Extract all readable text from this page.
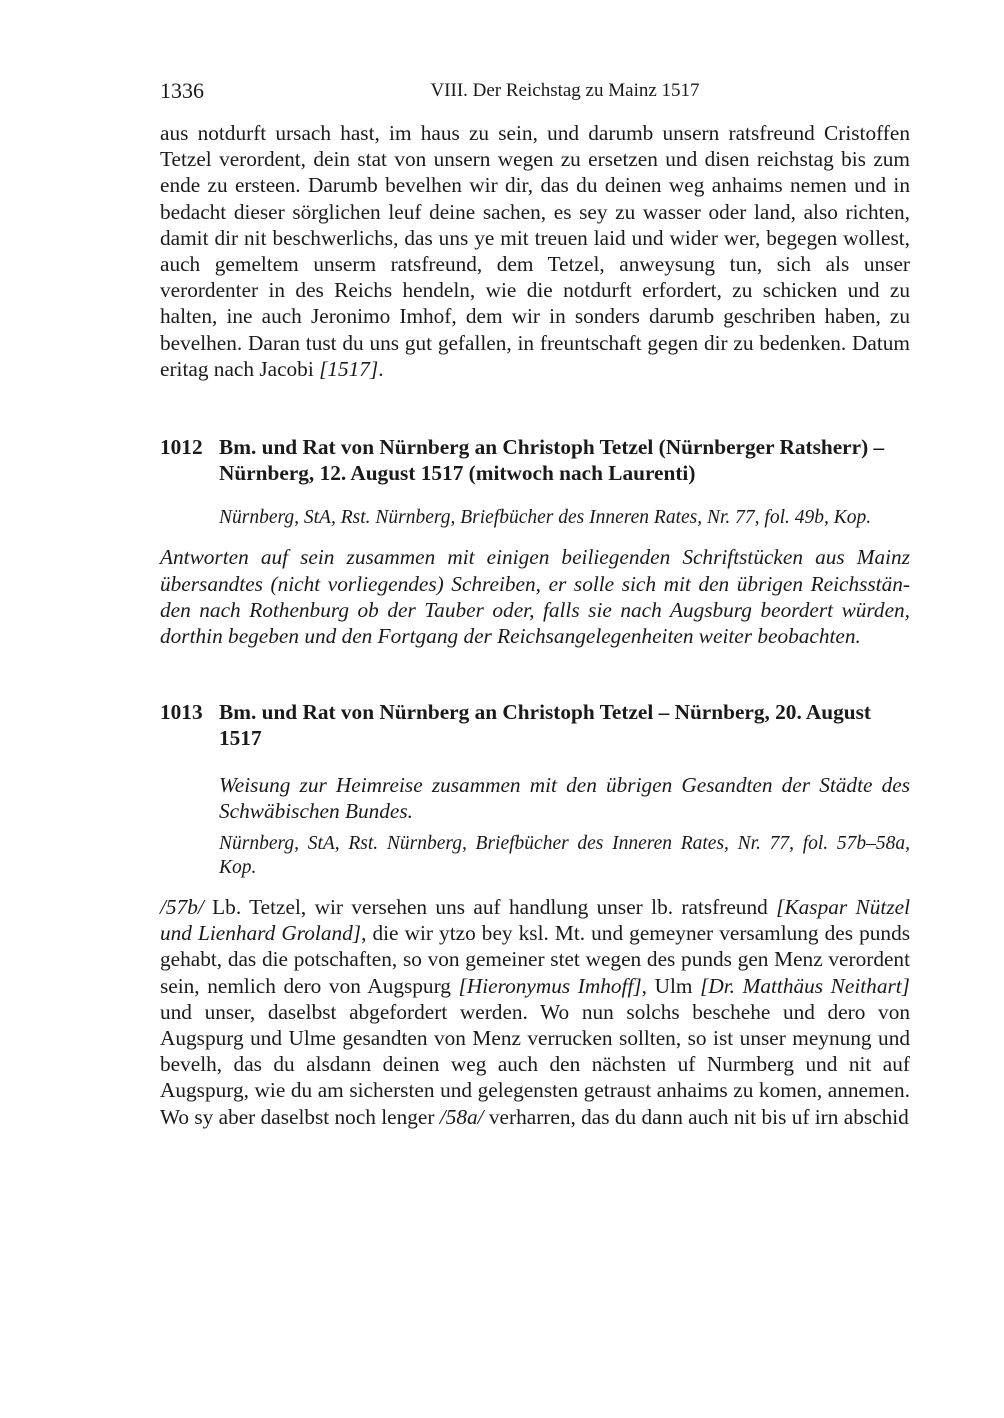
1336	VIII. Der Reichstag zu Mainz 1517

aus notdurft ursach hast, im haus zu sein, und darumb unsern ratsfreund Cristoffen Tetzel verordent, dein stat von unsern wegen zu ersetzen und disen reichstag bis zum ende zu ersteen. Darumb bevelhen wir dir, das du deinen weg anhaims nemen und in bedacht dieser sörglichen leuf deine sachen, es sey zu wasser oder land, also richten, damit dir nit beschwerlichs, das uns ye mit treuen laid und wider wer, begegen wollest, auch gemeltem unserm ratsfreund, dem Tetzel, anweysung tun, sich als unser verordenter in des Reichs hendeln, wie die notdurft erfordert, zu schicken und zu halten, ine auch Jeronimo Imhof, dem wir in sonders darumb geschriben haben, zu bevelhen. Daran tust du uns gut gefallen, in freuntschaft gegen dir zu bedenken. Datum eritag nach Jacobi [1517].

1012 Bm. und Rat von Nürnberg an Christoph Tetzel (Nürnberger Ratsherr) – Nürnberg, 12. August 1517 (mitwoch nach Laurenti)

Nürnberg, StA, Rst. Nürnberg, Briefbücher des Inneren Rates, Nr. 77, fol. 49b, Kop.

Antworten auf sein zusammen mit einigen beiliegenden Schriftstücken aus Mainz übersandtes (nicht vorliegendes) Schreiben, er solle sich mit den übrigen Reichsständen nach Rothenburg ob der Tauber oder, falls sie nach Augsburg beordert würden, dorthin begeben und den Fortgang der Reichsangelegenheiten weiter beobachten.

1013 Bm. und Rat von Nürnberg an Christoph Tetzel – Nürnberg, 20. August 1517

Weisung zur Heimreise zusammen mit den übrigen Gesandten der Städte des Schwäbischen Bundes.

Nürnberg, StA, Rst. Nürnberg, Briefbücher des Inneren Rates, Nr. 77, fol. 57b–58a, Kop.

/57b/ Lb. Tetzel, wir versehen uns auf handlung unser lb. ratsfreund [Kaspar Nützel und Lienhard Groland], die wir ytzo bey ksl. Mt. und gemeyner versamlung des punds gehabt, das die potschaften, so von gemeiner stet wegen des punds gen Menz verordent sein, nemlich dero von Augspurg [Hieronymus Imhoff], Ulm [Dr. Matthäus Neithart] und unser, daselbst abgefordert werden. Wo nun solchs beschehe und dero von Augspurg und Ulme gesandten von Menz verrucken sollten, so ist unser meynung und bevelh, das du alsdann deinen weg auch den nächsten uf Nurmberg und nit auf Augspurg, wie du am sichersten und gelegensten getraust anhaims zu komen, annemen. Wo sy aber daselbst noch lenger /58a/ verharren, das du dann auch nit bis uf irn abschid
